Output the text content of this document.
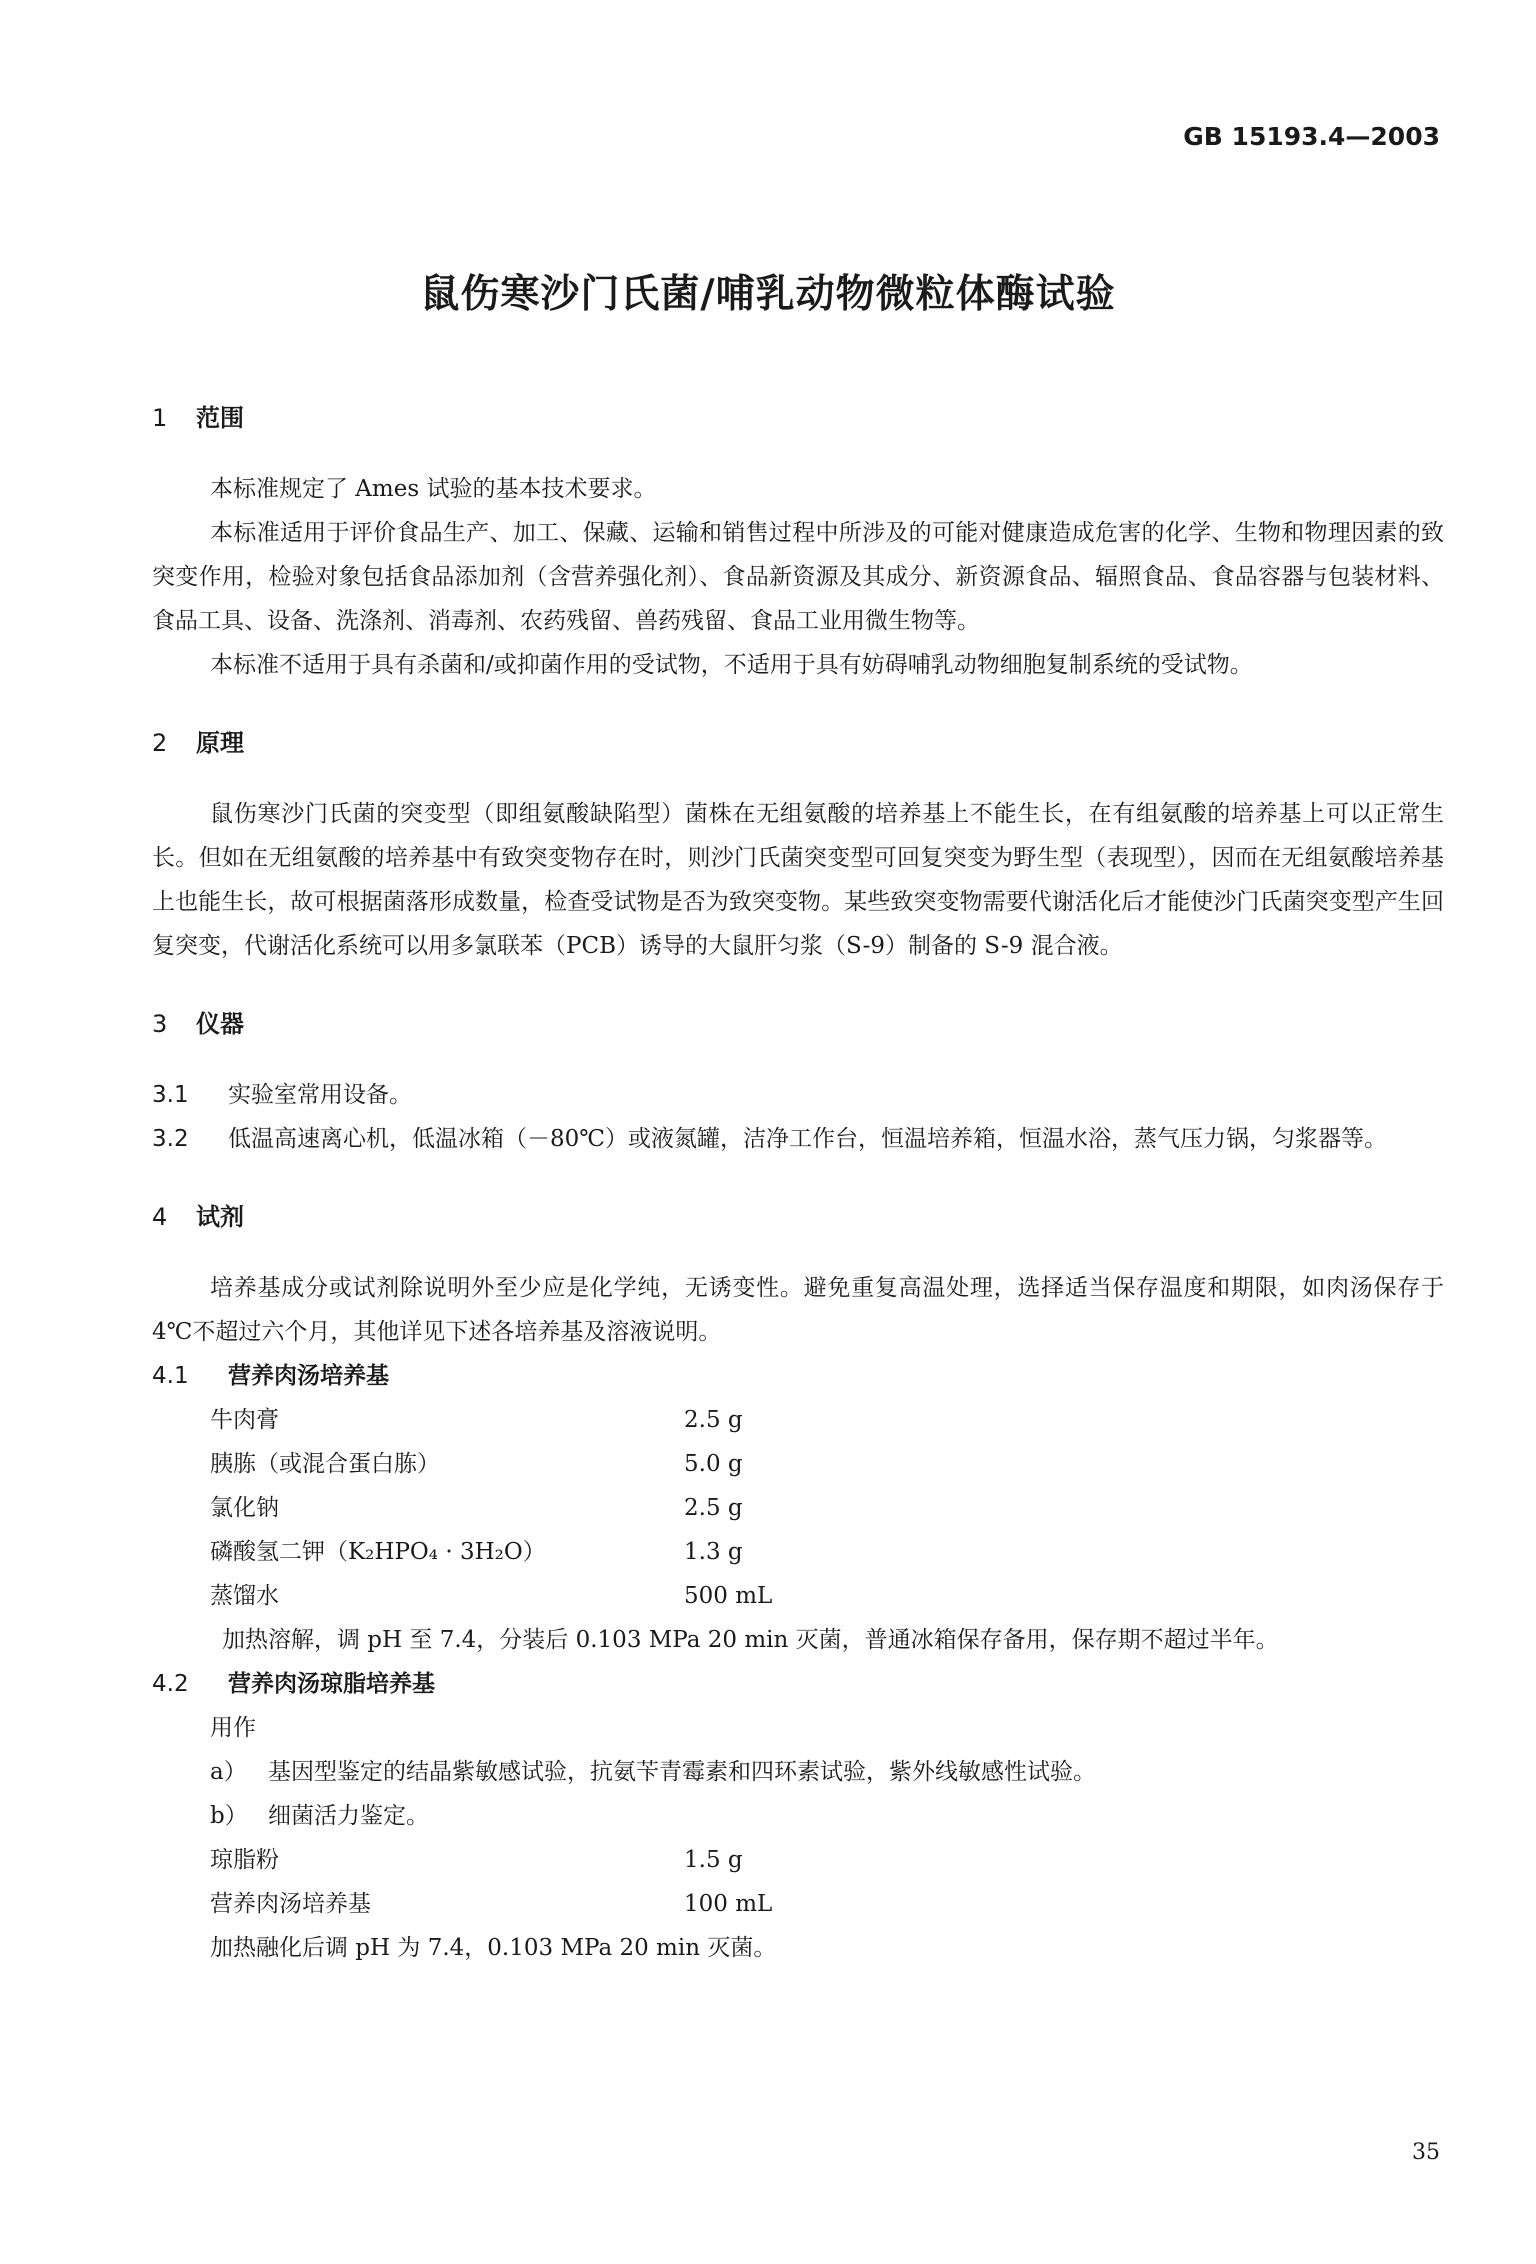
GB 15193.4—2003
鼠伤寒沙门氏菌/哺乳动物微粒体酶试验
1 范围
本标准规定了 Ames 试验的基本技术要求。
本标准适用于评价食品生产、加工、保藏、运输和销售过程中所涉及的可能对健康造成危害的化学、生物和物理因素的致突变作用，检验对象包括食品添加剂（含营养强化剂）、食品新资源及其成分、新资源食品、辐照食品、食品容器与包装材料、食品工具、设备、洗涤剂、消毒剂、农药残留、兽药残留、食品工业用微生物等。
本标准不适用于具有杀菌和/或抑菌作用的受试物，不适用于具有妨碍哺乳动物细胞复制系统的受试物。
2 原理
鼠伤寒沙门氏菌的突变型（即组氨酸缺陷型）菌株在无组氨酸的培养基上不能生长，在有组氨酸的培养基上可以正常生长。但如在无组氨酸的培养基中有致突变物存在时，则沙门氏菌突变型可回复突变为野生型（表现型），因而在无组氨酸培养基上也能生长，故可根据菌落形成数量，检查受试物是否为致突变物。某些致突变物需要代谢活化后才能使沙门氏菌突变型产生回复突变，代谢活化系统可以用多氯联苯（PCB）诱导的大鼠肝匀浆（S-9）制备的 S-9 混合液。
3 仪器
3.1 实验室常用设备。
3.2 低温高速离心机，低温冰箱（－80℃）或液氮罐，洁净工作台，恒温培养箱，恒温水浴，蒸气压力锅，匀浆器等。
4 试剂
培养基成分或试剂除说明外至少应是化学纯，无诱变性。避免重复高温处理，选择适当保存温度和期限，如肉汤保存于 4℃不超过六个月，其他详见下述各培养基及溶液说明。
4.1 营养肉汤培养基
牛肉膏	2.5 g
胰胨（或混合蛋白胨）	5.0 g
氯化钠	2.5 g
磷酸氢二钾（K₂HPO₄ · 3H₂O）	1.3 g
蒸馏水	500 mL
加热溶解，调 pH 至 7.4，分装后 0.103 MPa 20 min 灭菌，普通冰箱保存备用，保存期不超过半年。
4.2 营养肉汤琼脂培养基
用作
a） 基因型鉴定的结晶紫敏感试验，抗氨苄青霉素和四环素试验，紫外线敏感性试验。
b） 细菌活力鉴定。
琼脂粉	1.5 g
营养肉汤培养基	100 mL
加热融化后调 pH 为 7.4，0.103 MPa 20 min 灭菌。
35
